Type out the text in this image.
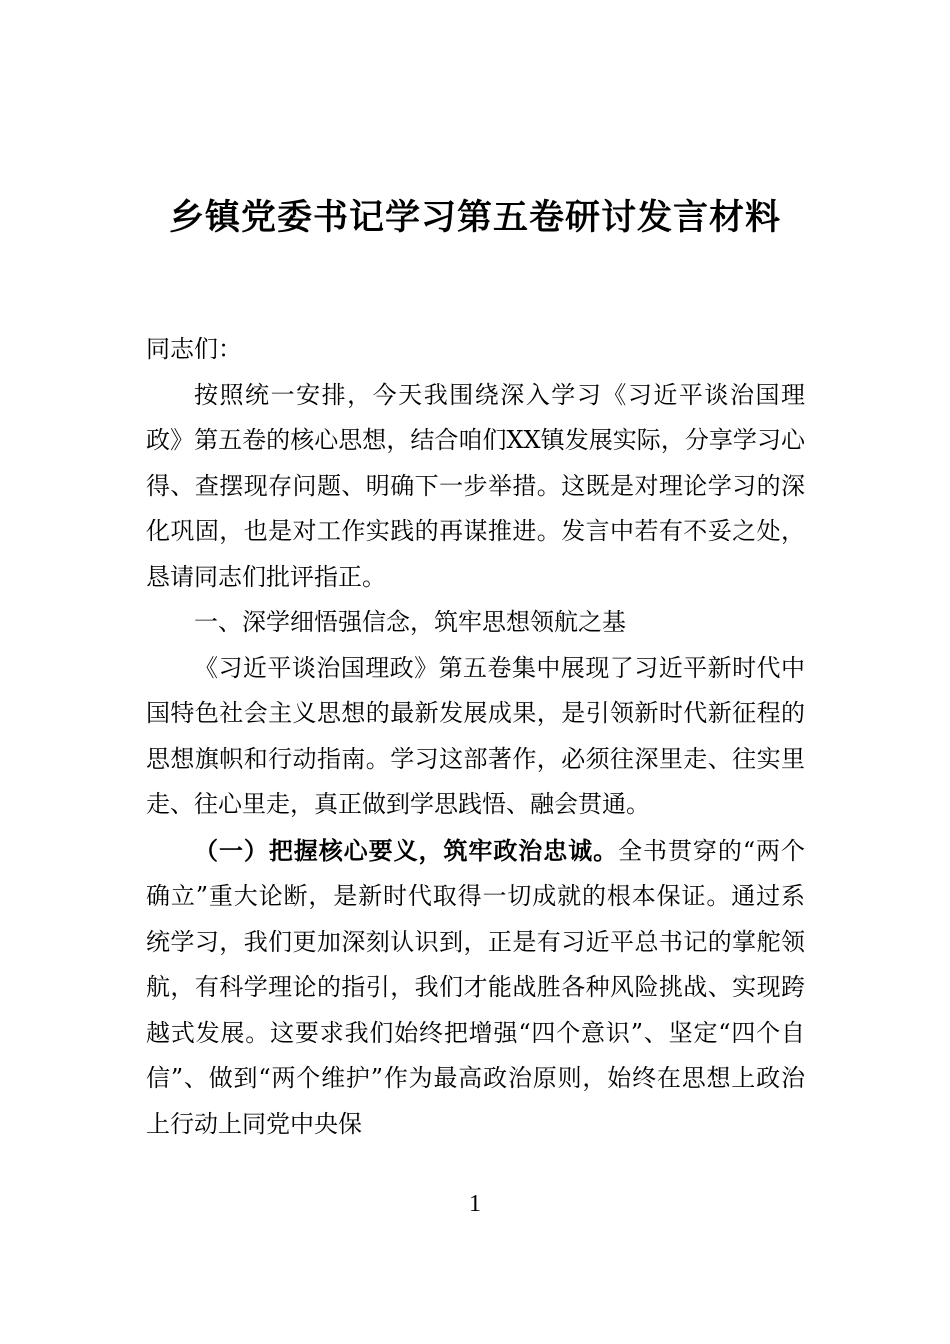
乡镇党委书记学习第五卷研讨发言材料

同志们：

按照统一安排，今天我围绕深入学习《习近平谈治国理政》第五卷的核心思想，结合咱们XX镇发展实际，分享学习心得、查摆现存问题、明确下一步举措。这既是对理论学习的深化巩固，也是对工作实践的再谋推进。发言中若有不妥之处，恳请同志们批评指正。

一、深学细悟强信念，筑牢思想领航之基

《习近平谈治国理政》第五卷集中展现了习近平新时代中国特色社会主义思想的最新发展成果，是引领新时代新征程的思想旗帜和行动指南。学习这部著作，必须往深里走、往实里走、往心里走，真正做到学思践悟、融会贯通。

（一）把握核心要义，筑牢政治忠诚。全书贯穿的“两个确立”重大论断，是新时代取得一切成就的根本保证。通过系统学习，我们更加深刻认识到，正是有习近平总书记的掌舵领航，有科学理论的指引，我们才能战胜各种风险挑战、实现跨越式发展。这要求我们始终把增强“四个意识”、坚定“四个自信”、做到“两个维护”作为最高政治原则，始终在思想上政治上行动上同党中央保

1
